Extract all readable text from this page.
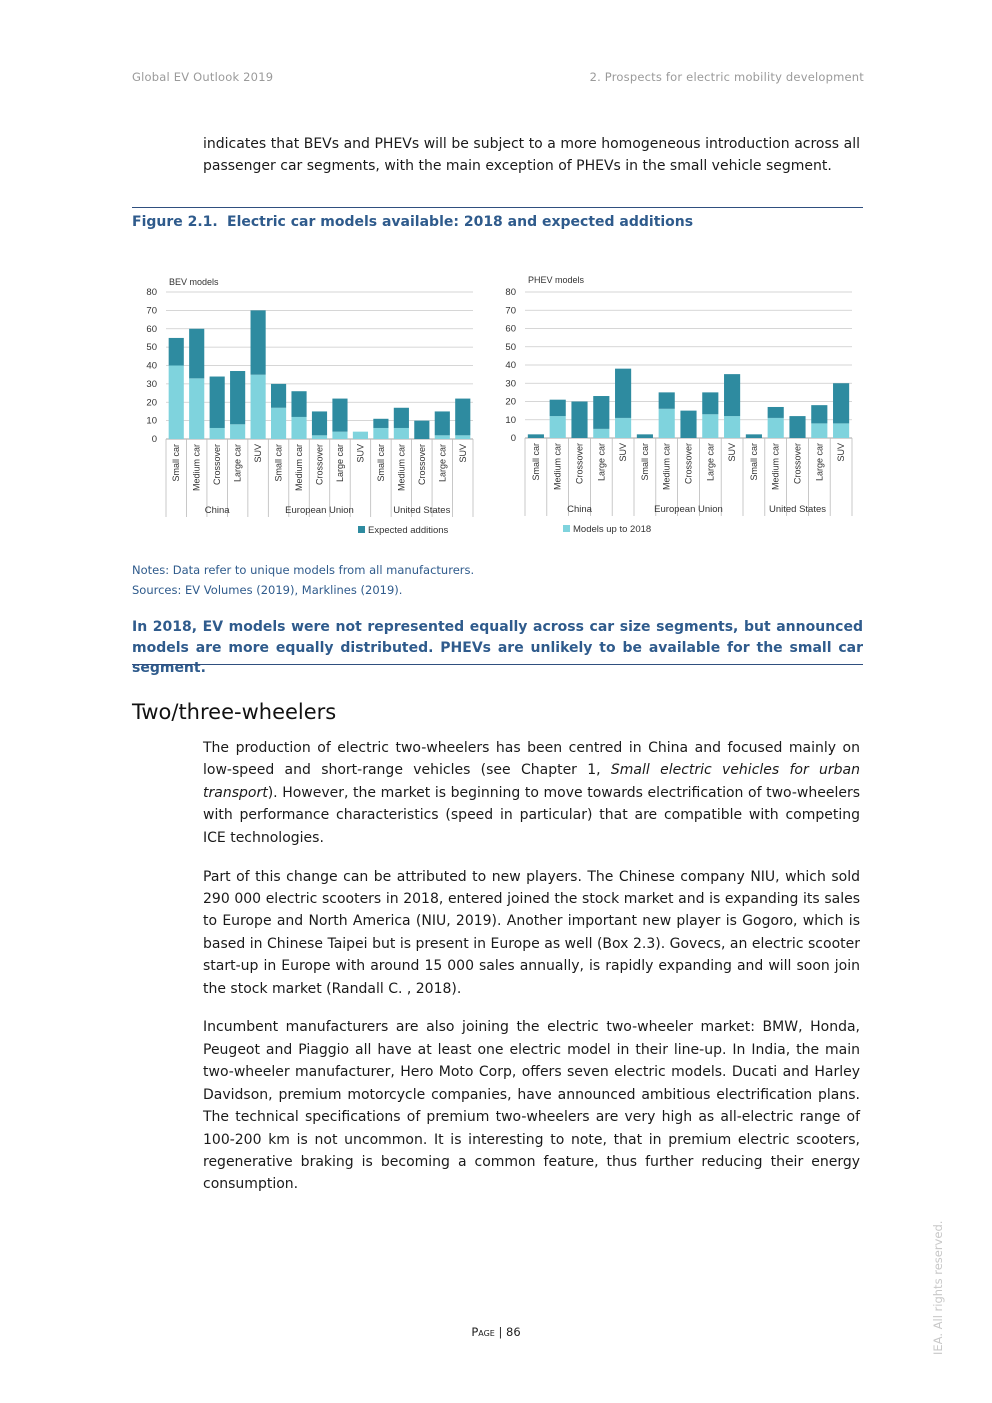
Global EV Outlook 2019	2. Prospects for electric mobility development
indicates that BEVs and PHEVs will be subject to a more homogeneous introduction across all passenger car segments, with the main exception of PHEVs in the small vehicle segment.
Figure 2.1. Electric car models available: 2018 and expected additions
BEV models
0
10
20
30
40
50
60
70
80
Small car Medium car Crossover Large car SUV
China
Small car Medium car Crossover Large car SUV
European Union
Small car Medium car Crossover Large car SUV
United States
Expected additions
PHEV models
0
10
20
30
40
50
60
70
80
Small car Medium car Crossover Large car SUV
China
Small car Medium car Crossover Large car SUV
European Union
Small car Medium car Crossover Large car SUV
United States
Models up to 2018
Notes: Data refer to unique models from all manufacturers.
Sources: EV Volumes (2019), Marklines (2019).
In 2018, EV models were not represented equally across car size segments, but announced models are more equally distributed. PHEVs are unlikely to be available for the small car segment.
Two/three-wheelers

The production of electric two-wheelers has been centred in China and focused mainly on low-speed and short-range vehicles (see Chapter 1, Small electric vehicles for urban transport). However, the market is beginning to move towards electrification of two-wheelers with performance characteristics (speed in particular) that are compatible with competing ICE technologies.

Part of this change can be attributed to new players. The Chinese company NIU, which sold 290 000 electric scooters in 2018, entered joined the stock market and is expanding its sales to Europe and North America (NIU, 2019). Another important new player is Gogoro, which is based in Chinese Taipei but is present in Europe as well (Box 2.3). Govecs, an electric scooter start-up in Europe with around 15 000 sales annually, is rapidly expanding and will soon join the stock market (Randall C. , 2018).

Incumbent manufacturers are also joining the electric two-wheeler market: BMW, Honda, Peugeot and Piaggio all have at least one electric model in their line-up. In India, the main two-wheeler manufacturer, Hero Moto Corp, offers seven electric models. Ducati and Harley Davidson, premium motorcycle companies, have announced ambitious electrification plans. The technical specifications of premium two-wheelers are very high as all-electric range of 100-200 km is not uncommon. It is interesting to note, that in premium electric scooters, regenerative braking is becoming a common feature, thus further reducing their energy consumption.

Page | 86	IEA. All rights reserved.
